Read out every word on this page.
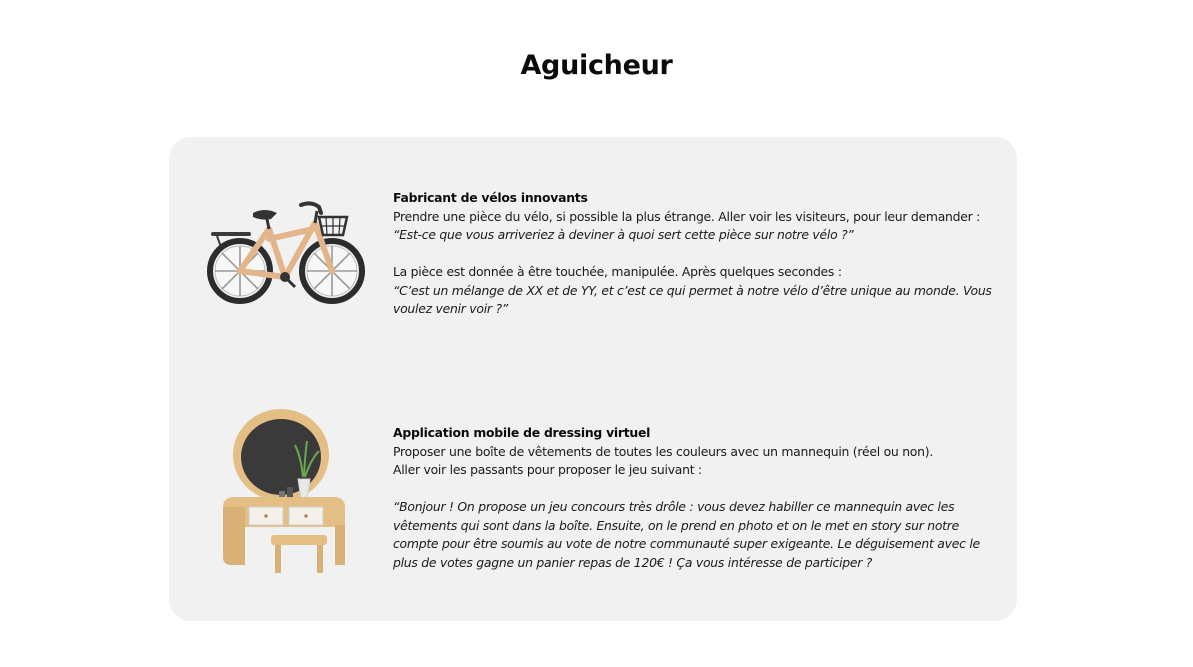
Aguicheur

Fabricant de vélos innovants

Prendre une pièce du vélo, si possible la plus étrange. Aller voir les visiteurs, pour leur demander :

“Est-ce que vous arriveriez à deviner à quoi sert cette pièce sur notre vélo ?”

La pièce est donnée à être touchée, manipulée. Après quelques secondes :

“C’est un mélange de XX et de YY, et c’est ce qui permet à notre vélo d’être unique au monde. Vous voulez venir voir ?”

Application mobile de dressing virtuel

Proposer une boîte de vêtements de toutes les couleurs avec un mannequin (réel ou non).

Aller voir les passants pour proposer le jeu suivant :

“Bonjour ! On propose un jeu concours très drôle : vous devez habiller ce mannequin avec les vêtements qui sont dans la boîte. Ensuite, on le prend en photo et on le met en story sur notre compte pour être soumis au vote de notre communauté super exigeante. Le déguisement avec le plus de votes gagne un panier repas de 120€ ! Ça vous intéresse de participer ?
